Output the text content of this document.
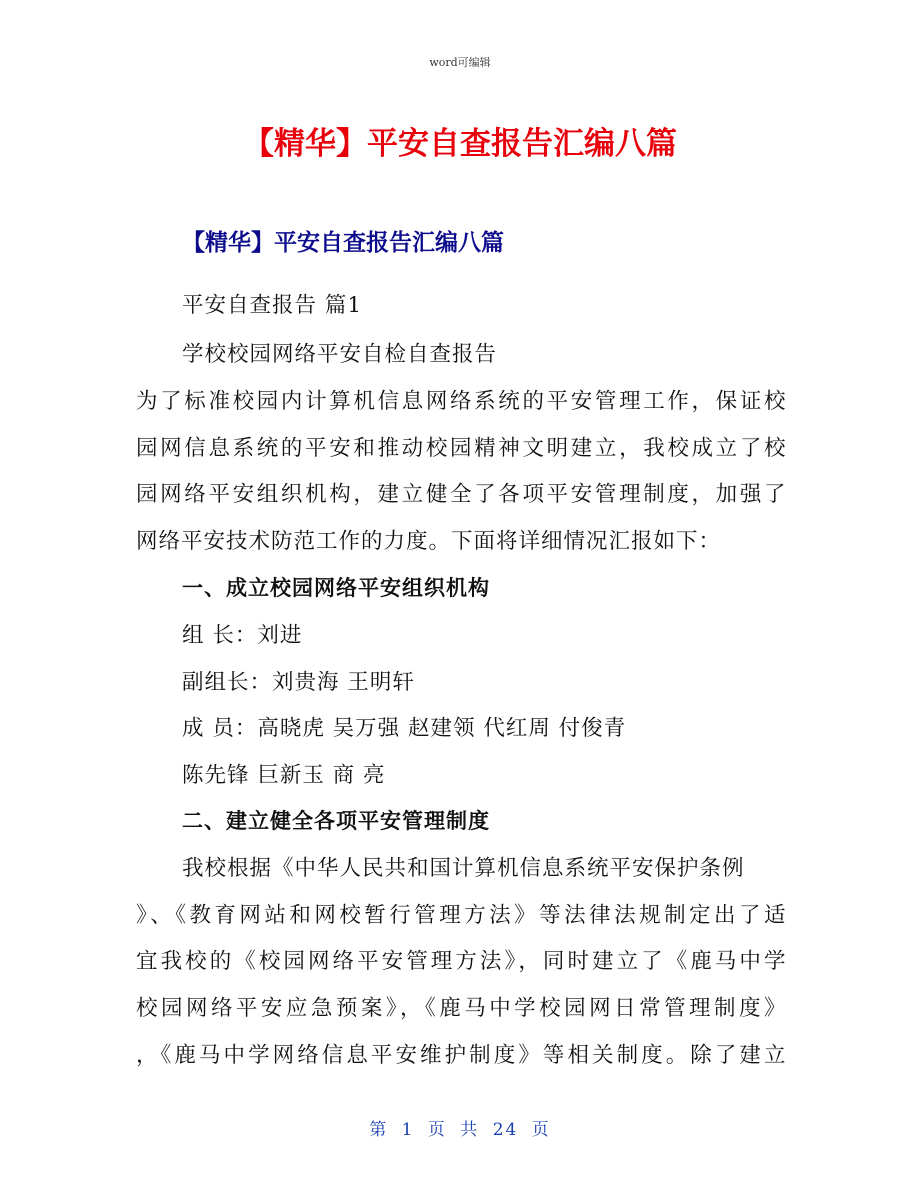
word可编辑
【精华】平安自查报告汇编八篇
【精华】平安自查报告汇编八篇
平安自查报告 篇1
学校校园网络平安自检自查报告
为了标准校园内计算机信息网络系统的平安管理工作，保证校
园网信息系统的平安和推动校园精神文明建立，我校成立了校
园网络平安组织机构，建立健全了各项平安管理制度，加强了
网络平安技术防范工作的力度。下面将详细情况汇报如下：
一、成立校园网络平安组织机构
组 长：刘进
副组长：刘贵海 王明轩
成 员：高晓虎 吴万强 赵建领 代红周 付俊青
陈先锋 巨新玉 商 亮
二、建立健全各项平安管理制度
我校根据《中华人民共和国计算机信息系统平安保护条例
》、《教育网站和网校暂行管理方法》等法律法规制定出了适
宜我校的《校园网络平安管理方法》，同时建立了《鹿马中学
校园网络平安应急预案》，《鹿马中学校园网日常管理制度》
，《鹿马中学网络信息平安维护制度》等相关制度。除了建立
第 1 页 共 24 页
